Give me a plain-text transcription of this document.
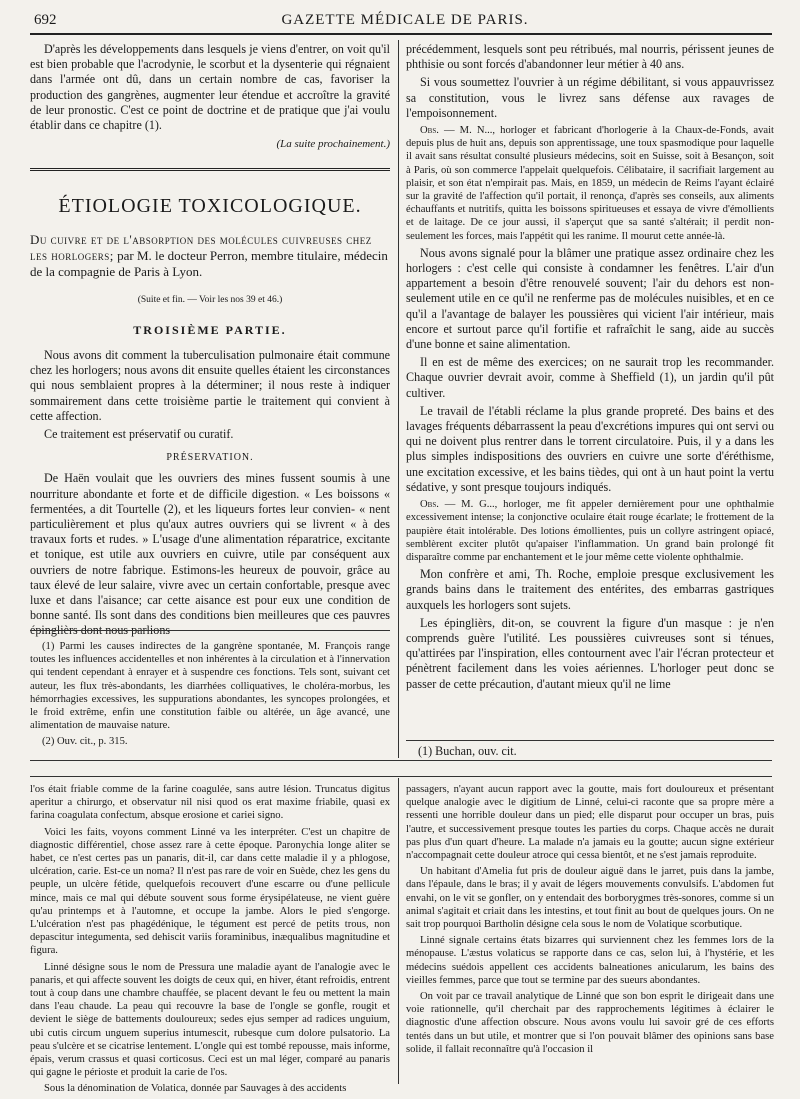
692	GAZETTE MÉDICALE DE PARIS.

D'après les développements dans lesquels je viens d'entrer, on voit qu'il est bien probable que l'acrodynie, le scorbut et la dysenterie qui régnaient dans l'armée ont dû, dans un certain nombre de cas, favoriser la production des gangrènes, augmenter leur étendue et accroître la gravité de leur pronostic. C'est ce point de doctrine et de pratique que j'ai voulu établir dans ce chapitre (1).

(La suite prochainement.)
ÉTIOLOGIE TOXICOLOGIQUE.
Du cuivre et de l'absorption des molécules cuivreuses chez les horlogers; par M. le docteur Perron, membre titulaire, médecin de la compagnie de Paris à Lyon.
(Suite et fin. — Voir les nos 39 et 46.)
TROISIÈME PARTIE.

Nous avons dit comment la tuberculisation pulmonaire était commune chez les horlogers; nous avons dit ensuite quelles étaient les circonstances qui nous semblaient propres à la déterminer; il nous reste à indiquer sommairement dans cette troisième partie le traitement qui convient à cette affection.

Ce traitement est préservatif ou curatif.

PRÉSERVATION.

De Haën voulait que les ouvriers des mines fussent soumis à une nourriture abondante et forte et de difficile digestion. « Les boissons « fermentées, a dit Tourtelle (2), et les liqueurs fortes leur convien- « nent particulièrement et plus qu'aux autres ouvriers qui se livrent « à des travaux forts et rudes. » L'usage d'une alimentation réparatrice, excitante et tonique, est utile aux ouvriers en cuivre, utile par conséquent aux ouvriers de notre fabrique. Estimons-les heureux de pouvoir, grâce au taux élevé de leur salaire, vivre avec un certain confortable, presque avec luxe et dans l'aisance; car cette aisance est pour eux une condition de bonne santé. Ils sont dans des conditions bien meilleures que ces pauvres épinglièrs dont nous parlions

(1) Parmi les causes indirectes de la gangrène spontanée, M. François range toutes les influences accidentelles et non inhérentes à la circulation et à l'innervation qui tendent cependant à enrayer et à suspendre ces fonctions. Tels sont, suivant cet auteur, les flux très-abondants, les diarrhées colliquatives, le choléra-morbus, les hémorrhagies excessives, les suppurations abondantes, les syncopes prolongées, et le froid extrême, enfin une constitution faible ou altérée, un âge avancé, une alimentation de mauvaise nature.

(2) Ouv. cit., p. 315.

précédemment, lesquels sont peu rétribués, mal nourris, périssent jeunes de phthisie ou sont forcés d'abandonner leur métier à 40 ans.

Si vous soumettez l'ouvrier à un régime débilitant, si vous appauvrissez sa constitution, vous le livrez sans défense aux ravages de l'empoisonnement.

Obs. — M. N..., horloger et fabricant d'horlogerie à la Chaux-de-Fonds, avait depuis plus de huit ans, depuis son apprentissage, une toux spasmodique pour laquelle il avait sans résultat consulté plusieurs médecins, soit en Suisse, soit à Besançon, soit à Paris, où son commerce l'appelait quelquefois. Célibataire, il sacrifiait largement au plaisir, et son état n'empirait pas. Mais, en 1859, un médecin de Reims l'ayant éclairé sur la gravité de l'affection qu'il portait, il renonça, d'après ses conseils, aux aliments échauffants et nutritifs, quitta les boissons spiritueuses et essaya de vivre d'émollients et de laitage. De ce jour aussi, il s'aperçut que sa santé s'altérait; il perdit non-seulement les forces, mais l'appétit qui les ranime. Il mourut cette année-là.

Nous avons signalé pour la blâmer une pratique assez ordinaire chez les horlogers : c'est celle qui consiste à condamner les fenêtres. L'air d'un appartement a besoin d'être renouvelé souvent; l'air du dehors est non-seulement utile en ce qu'il ne renferme pas de molécules nuisibles, et en ce qu'il a l'avantage de balayer les poussières qui vicient l'air intérieur, mais encore et surtout parce qu'il fortifie et rafraîchit le sang, aide au succès d'une bonne et saine alimentation.

Il en est de même des exercices; on ne saurait trop les recommander. Chaque ouvrier devrait avoir, comme à Sheffield (1), un jardin qu'il pût cultiver.

Le travail de l'établi réclame la plus grande propreté. Des bains et des lavages fréquents débarrassent la peau d'excrétions impures qui ont servi ou qui ne doivent plus rentrer dans le torrent circulatoire. Puis, il y a dans les plus simples indispositions des ouvriers en cuivre une sorte d'éréthisme, une excitation excessive, et les bains tièdes, qui ont à un haut point la vertu sédative, y sont presque toujours indiqués.

Obs. — M. G..., horloger, me fit appeler dernièrement pour une ophthalmie excessivement intense; la conjonctive oculaire était rouge écarlate; le frottement de la paupière était intolérable. Des lotions émollientes, puis un collyre astringent opiacé, semblèrent exciter plutôt qu'apaiser l'inflammation. Un grand bain prolongé fit disparaître comme par enchantement et le jour même cette violente ophthalmie.

Mon confrère et ami, Th. Roche, emploie presque exclusivement les grands bains dans le traitement des entérites, des embarras gastriques auxquels les horlogers sont sujets.

Les épinglièrs, dit-on, se couvrent la figure d'un masque : je n'en comprends guère l'utilité. Les poussières cuivreuses sont si ténues, qu'attirées par l'inspiration, elles contournent avec l'air l'écran protecteur et pénètrent facilement dans les voies aériennes. L'horloger peut donc se passer de cette précaution, d'autant mieux qu'il ne lime

(1) Buchan, ouv. cit.

l'os était friable comme de la farine coagulée, sans autre lésion. Truncatus digitus aperitur a chirurgo, et observatur nil nisi quod os erat maxime friabile, quasi ex farina coagulata confectum, absque erosione et cariei signo.

Voici les faits, voyons comment Linné va les interpréter. C'est un chapitre de diagnostic différentiel, chose assez rare à cette époque. Paronychia longe aliter se habet, ce n'est certes pas un panaris, dit-il, car dans cette maladie il y a phlogose, ulcération, carie. Est-ce un noma? Il n'est pas rare de voir en Suède, chez les gens du peuple, un ulcère fétide, quelquefois recouvert d'une escarre ou d'une pellicule mince, mais ce mal qui débute souvent sous forme érysipélateuse, ne vient guère qu'au printemps et à l'automne, et occupe la jambe. Alors le pied s'engorge. L'ulcération n'est pas phagédénique, le tégument est percé de petits trous, non depascitur integumenta, sed dehiscit variis foraminibus, inæqualibus magnitudine et figura.

Linné désigne sous le nom de Pressura une maladie ayant de l'analogie avec le panaris, et qui affecte souvent les doigts de ceux qui, en hiver, étant refroidis, entrent tout à coup dans une chambre chauffée, se placent devant le feu ou mettent la main dans l'eau chaude. La peau qui recouvre la base de l'ongle se gonfle, rougit et devient le siège de battements douloureux; sedes ejus semper ad radices unguium, ubi cutis circum unguem superius intumescit, rubesque cum dolore pulsatorio. La peau s'ulcère et se cicatrise lentement. L'ongle qui est tombé repousse, mais informe, épais, verum crassus et quasi corticosus. Ceci est un mal léger, comparé au panaris qui gagne le périoste et produit la carie de l'os.

Sous la dénomination de Volatica, donnée par Sauvages à des accidents

passagers, n'ayant aucun rapport avec la goutte, mais fort douloureux et présentant quelque analogie avec le digitium de Linné, celui-ci raconte que sa propre mère a ressenti une horrible douleur dans un pied; elle disparut pour occuper un bras, puis l'autre, et successivement presque toutes les parties du corps. Chaque accès ne durait pas plus d'un quart d'heure. La malade n'a jamais eu la goutte; aucun signe extérieur n'accompagnait cette douleur atroce qui cessa bientôt, et ne s'est jamais reproduite.

Un habitant d'Amelia fut pris de douleur aiguë dans le jarret, puis dans la jambe, dans l'épaule, dans le bras; il y avait de légers mouvements convulsifs. L'abdomen fut envahi, on le vit se gonfler, on y entendait des borborygmes très-sonores, comme si un animal s'agitait et criait dans les intestins, et tout finit au bout de quelques jours. On ne sait trop pourquoi Bartholin désigne cela sous le nom de Volatique scorbutique.

Linné signale certains états bizarres qui surviennent chez les femmes lors de la ménopause. L'æstus volaticus se rapporte dans ce cas, selon lui, à l'hystérie, et les médecins suédois appellent ces accidents balneationes anicularum, les bains des vieilles femmes, parce que tout se termine par des sueurs abondantes.

On voit par ce travail analytique de Linné que son bon esprit le dirigeait dans une voie rationnelle, qu'il cherchait par des rapprochements légitimes à éclairer le diagnostic d'une affection obscure. Nous avons voulu lui savoir gré de ces efforts tentés dans un but utile, et montrer que si l'on pouvait blâmer des opinions sans base solide, il fallait reconnaître qu'à l'occasion il
